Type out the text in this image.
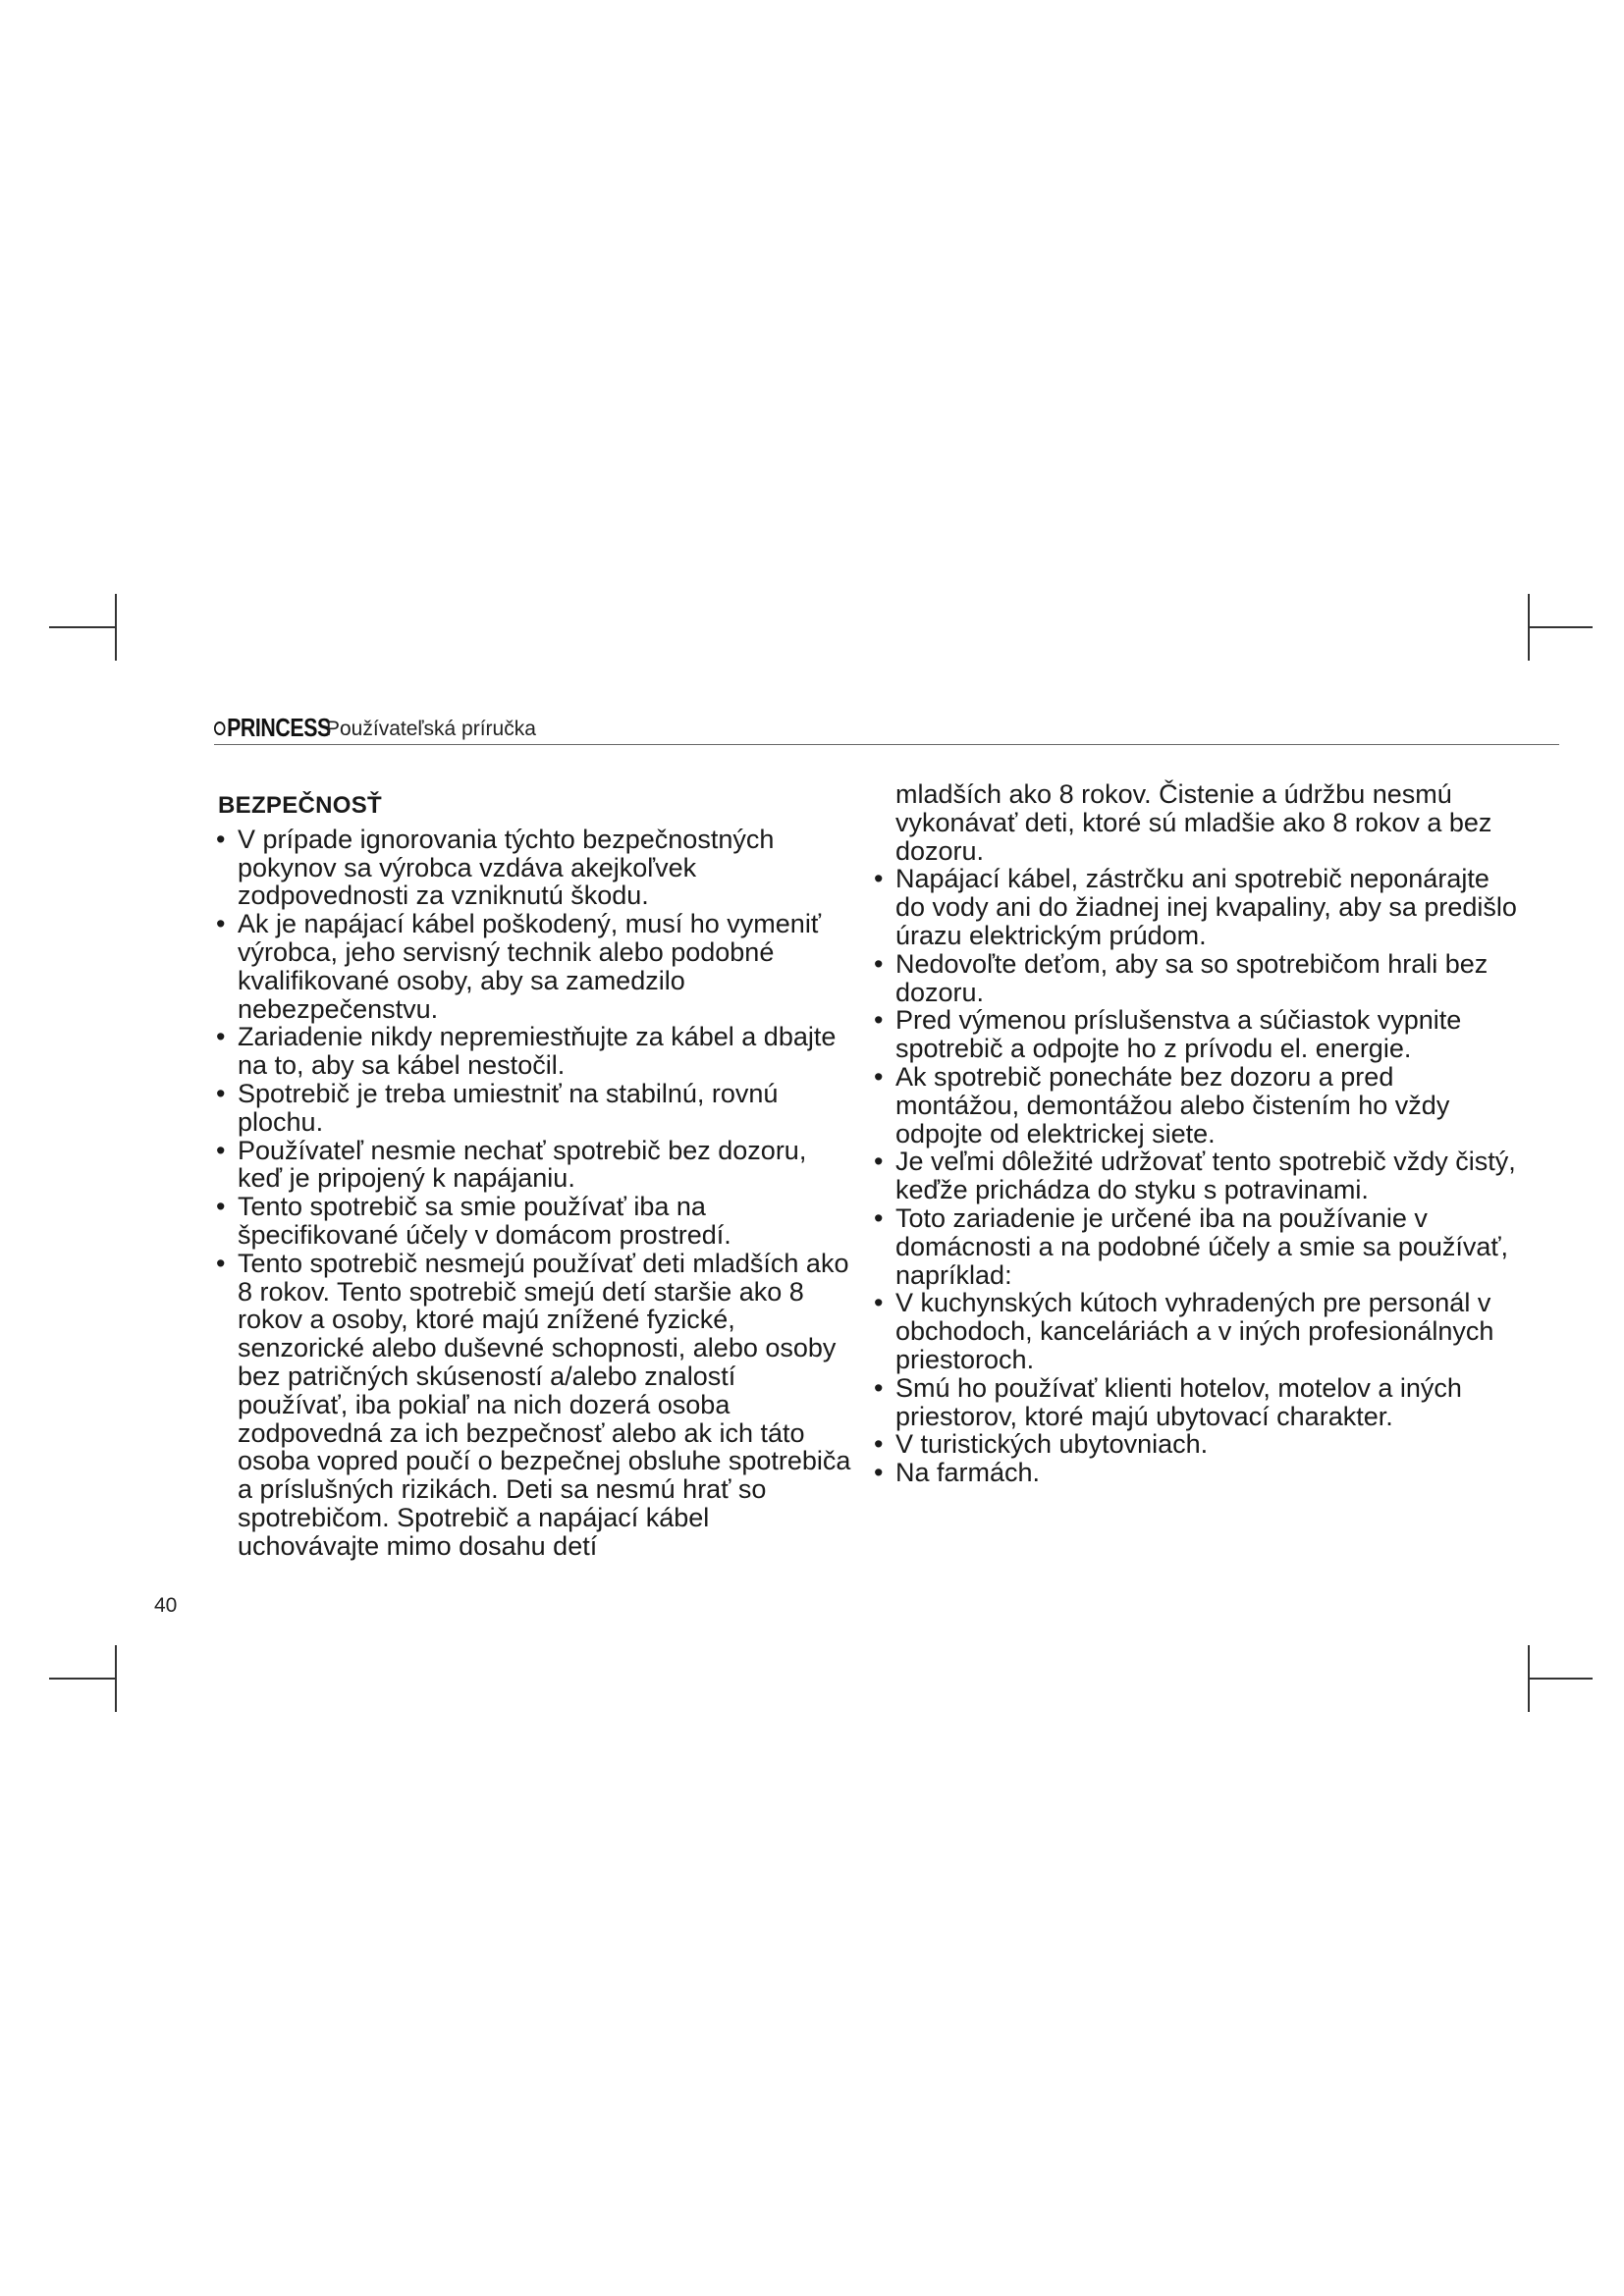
PRINCESS
Používateľská príručka
BEZPEČNOSŤ
• V prípade ignorovania týchto bezpečnostných pokynov sa výrobca vzdáva akejkoľvek zodpovednosti za vzniknutú škodu.
• Ak je napájací kábel poškodený, musí ho vymeniť výrobca, jeho servisný technik alebo podobné kvalifikované osoby, aby sa zamedzilo nebezpečenstvu.
• Zariadenie nikdy nepremiestňujte za kábel a dbajte na to, aby sa kábel nestočil.
• Spotrebič je treba umiestniť na stabilnú, rovnú plochu.
• Používateľ nesmie nechať spotrebič bez dozoru, keď je pripojený k napájaniu.
• Tento spotrebič sa smie používať iba na špecifikované účely v domácom prostredí.
• Tento spotrebič nesmejú používať deti mladších ako 8 rokov. Tento spotrebič smejú detí staršie ako 8 rokov a osoby, ktoré majú znížené fyzické, senzorické alebo duševné schopnosti, alebo osoby bez patričných skúseností a/alebo znalostí používať, iba pokiaľ na nich dozerá osoba zodpovedná za ich bezpečnosť alebo ak ich táto osoba vopred poučí o bezpečnej obsluhe spotrebiča a príslušných rizikách. Deti sa nesmú hrať so spotrebičom. Spotrebič a napájací kábel uchovávajte mimo dosahu detí

mladších ako 8 rokov. Čistenie a údržbu nesmú vykonávať deti, ktoré sú mladšie ako 8 rokov a bez dozoru.

• Napájací kábel, zástrčku ani spotrebič neponárajte do vody ani do žiadnej inej kvapaliny, aby sa predišlo úrazu elektrickým prúdom.
• Nedovoľte deťom, aby sa so spotrebičom hrali bez dozoru.
• Pred výmenou príslušenstva a súčiastok vypnite spotrebič a odpojte ho z prívodu el. energie.
• Ak spotrebič ponecháte bez dozoru a pred montážou, demontážou alebo čistením ho vždy odpojte od elektrickej siete.
• Je veľmi dôležité udržovať tento spotrebič vždy čistý, keďže prichádza do styku s potravinami.
• Toto zariadenie je určené iba na používanie v domácnosti a na podobné účely a smie sa používať, napríklad:
• V kuchynských kútoch vyhradených pre personál v obchodoch, kanceláriách a v iných profesionálnych priestoroch.
• Smú ho používať klienti hotelov, motelov a iných priestorov, ktoré majú ubytovací charakter.
• V turistických ubytovniach.
• Na farmách.
40
